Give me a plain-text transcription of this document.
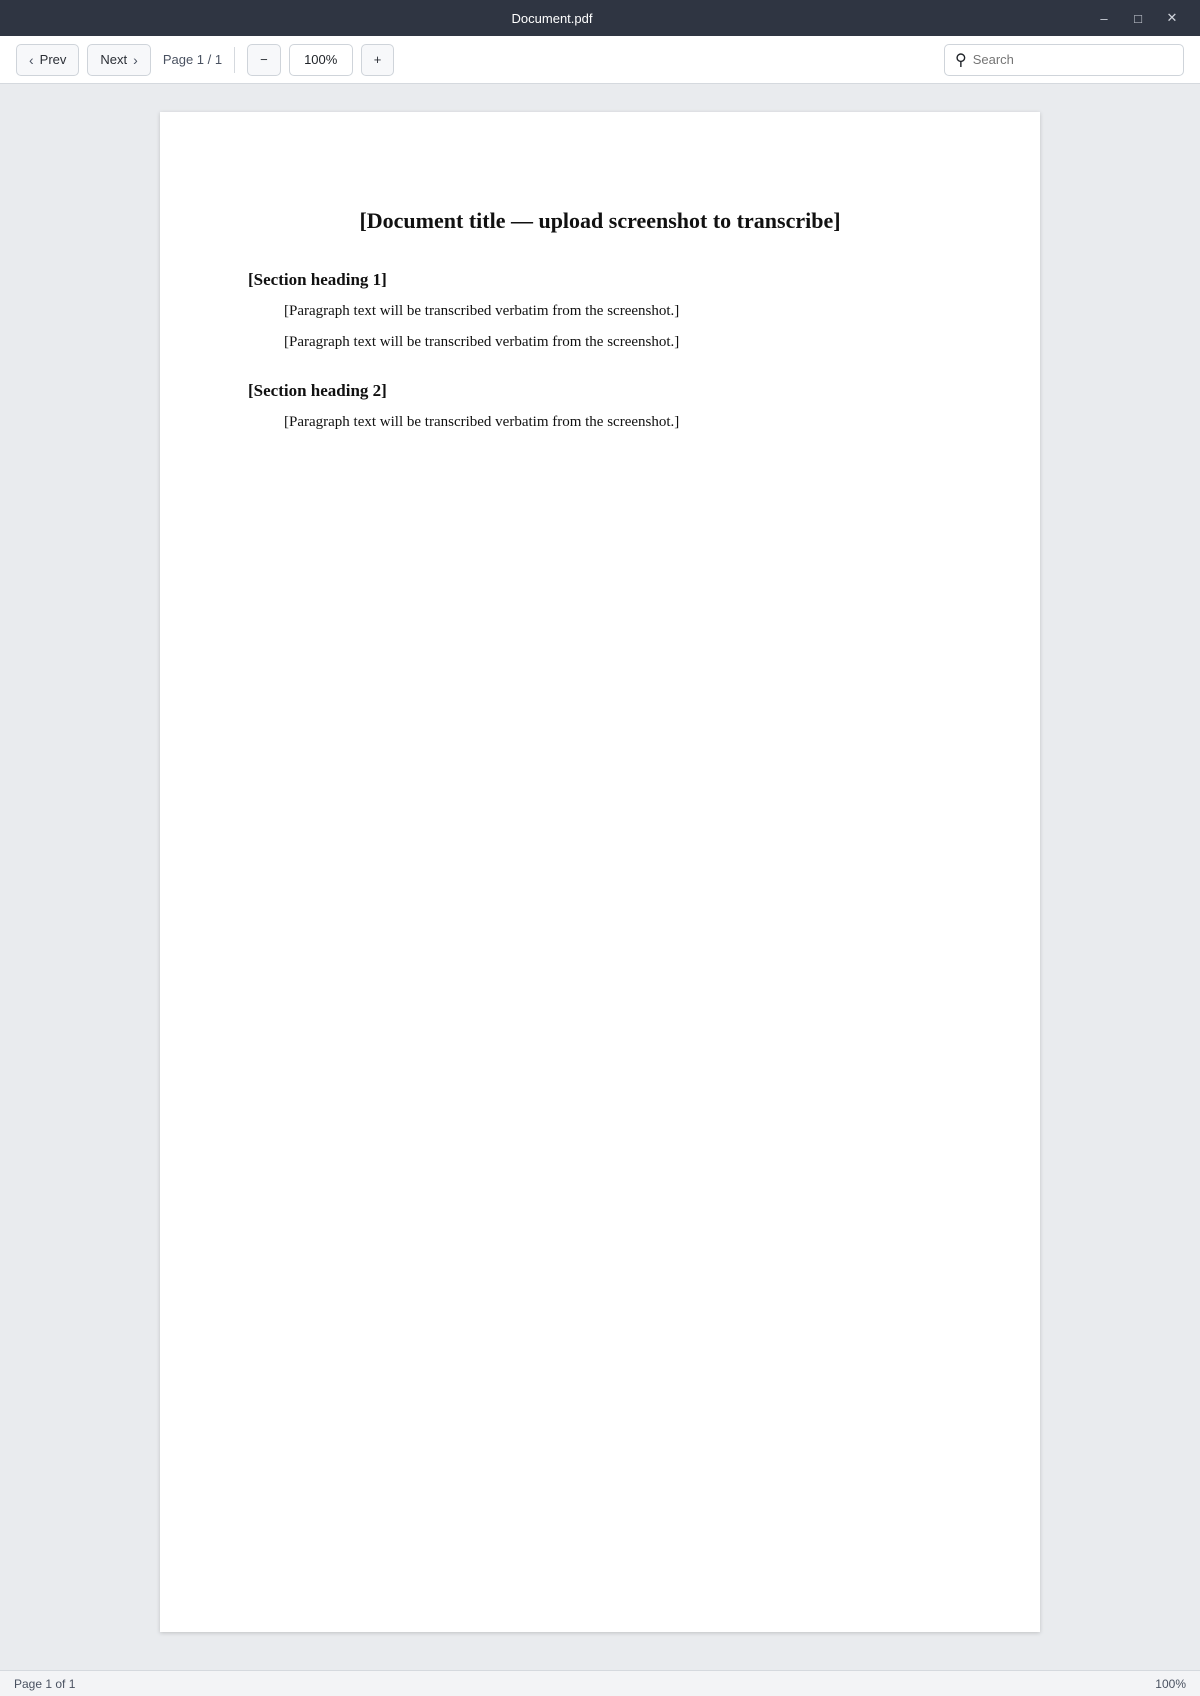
Document.pdf	–	□	✕
‹ Prev	Next › Page 1 / 1	−	100%	+	⚲
Search
[Document title — upload screenshot to transcribe]
[Section heading 1]

[Paragraph text will be transcribed verbatim from the screenshot.]

[Paragraph text will be transcribed verbatim from the screenshot.]

[Section heading 2]

[Paragraph text will be transcribed verbatim from the screenshot.]

Page 1 of 1	100%
